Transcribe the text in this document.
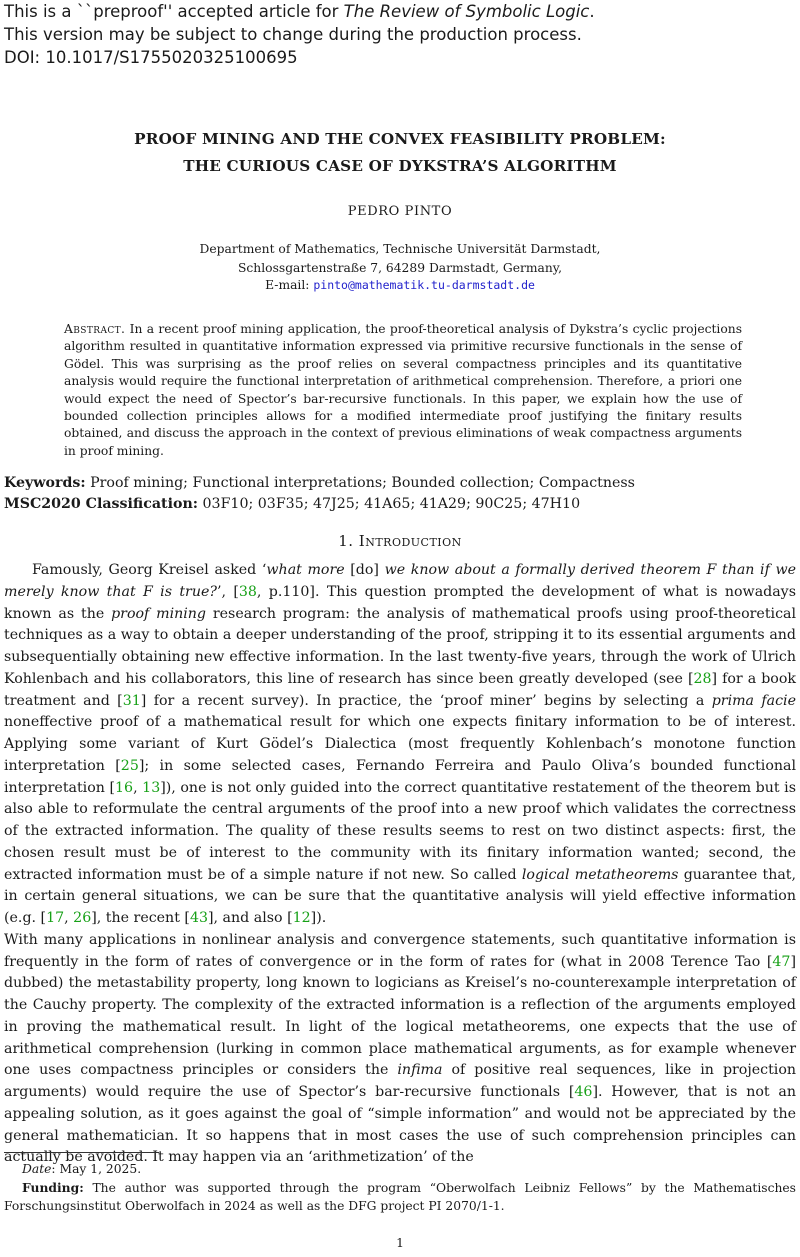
This is a ``preproof'' accepted article for The Review of Symbolic Logic.
This version may be subject to change during the production process.
DOI: 10.1017/S1755020325100695
PROOF MINING AND THE CONVEX FEASIBILITY PROBLEM:
THE CURIOUS CASE OF DYKSTRA’S ALGORITHM
PEDRO PINTO
Department of Mathematics, Technische Universität Darmstadt,
Schlossgartenstraße 7, 64289 Darmstadt, Germany,
E-mail: pinto@mathematik.tu-darmstadt.de
Abstract. In a recent proof mining application, the proof-theoretical analysis of Dykstra’s cyclic projections algorithm resulted in quantitative information expressed via primitive recursive functionals in the sense of Gödel. This was surprising as the proof relies on several compactness principles and its quantitative analysis would require the functional interpretation of arithmetical comprehension. Therefore, a priori one would expect the need of Spector’s bar-recursive functionals. In this paper, we explain how the use of bounded collection principles allows for a modified intermediate proof justifying the finitary results obtained, and discuss the approach in the context of previous eliminations of weak compactness arguments in proof mining.
Keywords: Proof mining; Functional interpretations; Bounded collection; Compactness
MSC2020 Classification: 03F10; 03F35; 47J25; 41A65; 41A29; 90C25; 47H10
1. Introduction

Famously, Georg Kreisel asked ‘what more [do] we know about a formally derived theorem F than if we merely know that F is true?’, [38, p.110]. This question prompted the development of what is nowadays known as the proof mining research program: the analysis of mathematical proofs using proof-theoretical techniques as a way to obtain a deeper understanding of the proof, stripping it to its essential arguments and subsequentially obtaining new effective information. In the last twenty-five years, through the work of Ulrich Kohlenbach and his collaborators, this line of research has since been greatly developed (see [28] for a book treatment and [31] for a recent survey). In practice, the ‘proof miner’ begins by selecting a prima facie noneffective proof of a mathematical result for which one expects finitary information to be of interest. Applying some variant of Kurt Gödel’s Dialectica (most frequently Kohlenbach’s monotone function interpretation [25]; in some selected cases, Fernando Ferreira and Paulo Oliva’s bounded functional interpretation [16, 13]), one is not only guided into the correct quantitative restatement of the theorem but is also able to reformulate the central arguments of the proof into a new proof which validates the correctness of the extracted information. The quality of these results seems to rest on two distinct aspects: first, the chosen result must be of interest to the community with its finitary information wanted; second, the extracted information must be of a simple nature if not new. So called logical metatheorems guarantee that, in certain general situations, we can be sure that the quantitative analysis will yield effective information (e.g. [17, 26], the recent [43], and also [12]).

With many applications in nonlinear analysis and convergence statements, such quantitative information is frequently in the form of rates of convergence or in the form of rates for (what in 2008 Terence Tao [47] dubbed) the metastability property, long known to logicians as Kreisel’s no-counterexample interpretation of the Cauchy property. The complexity of the extracted information is a reflection of the arguments employed in proving the mathematical result. In light of the logical metatheorems, one expects that the use of arithmetical comprehension (lurking in common place mathematical arguments, as for example whenever one uses compactness principles or considers the infima of positive real sequences, like in projection arguments) would require the use of Spector’s bar-recursive functionals [46]. However, that is not an appealing solution, as it goes against the goal of “simple information” and would not be appreciated by the general mathematician. It so happens that in most cases the use of such comprehension principles can actually be avoided. It may happen via an ‘arithmetization’ of the

Date: May 1, 2025.

Funding: The author was supported through the program “Oberwolfach Leibniz Fellows” by the Mathematisches Forschungsinstitut Oberwolfach in 2024 as well as the DFG project PI 2070/1-1.

1
